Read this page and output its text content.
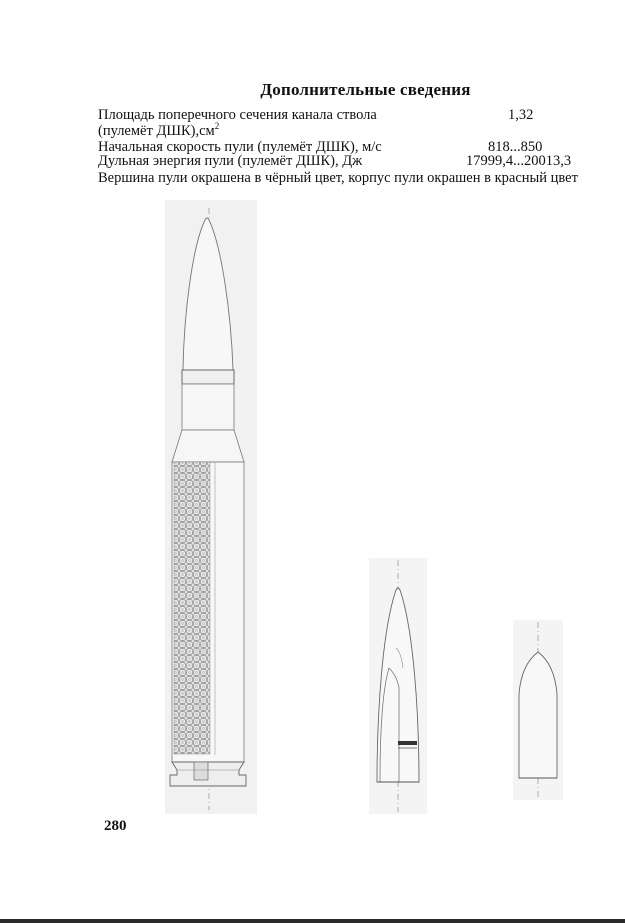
Дополнительные сведения
Площадь поперечного сечения канала ствола
(пулемёт $ДШК),см^2$
1,32
Начальная скорость пули (пулемёт ДШК), м/с	818...850
Дульная энергия пули (пулемёт ДШК), Дж	17999,4...20013,3
Вершина пули окрашена в чёрный цвет, корпус пули окрашен в красный цвет
280
